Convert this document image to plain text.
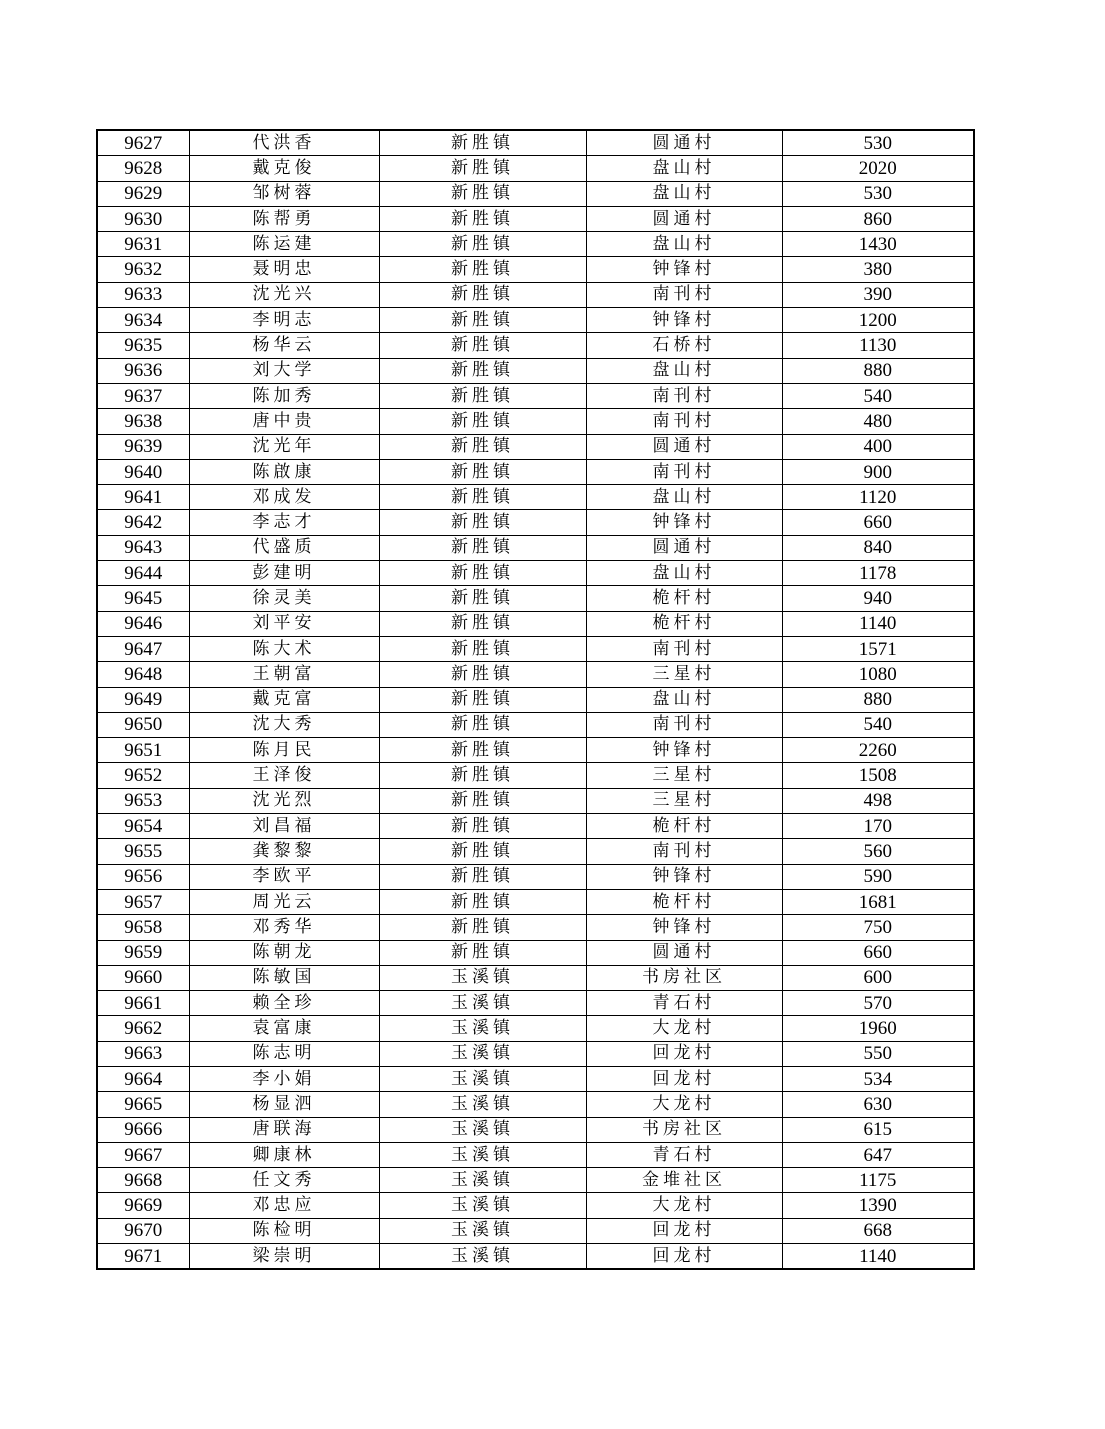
9627	代洪香	新胜镇	圆通村	530
9628	戴克俊	新胜镇	盘山村	2020
9629	邹树蓉	新胜镇	盘山村	530
9630	陈帮勇	新胜镇	圆通村	860
9631	陈运建	新胜镇	盘山村	1430
9632	聂明忠	新胜镇	钟锋村	380
9633	沈光兴	新胜镇	南刊村	390
9634	李明志	新胜镇	钟锋村	1200
9635	杨华云	新胜镇	石桥村	1130
9636	刘大学	新胜镇	盘山村	880
9637	陈加秀	新胜镇	南刊村	540
9638	唐中贵	新胜镇	南刊村	480
9639	沈光年	新胜镇	圆通村	400
9640	陈啟康	新胜镇	南刊村	900
9641	邓成发	新胜镇	盘山村	1120
9642	李志才	新胜镇	钟锋村	660
9643	代盛质	新胜镇	圆通村	840
9644	彭建明	新胜镇	盘山村	1178
9645	徐灵美	新胜镇	桅杆村	940
9646	刘平安	新胜镇	桅杆村	1140
9647	陈大术	新胜镇	南刊村	1571
9648	王朝富	新胜镇	三星村	1080
9649	戴克富	新胜镇	盘山村	880
9650	沈大秀	新胜镇	南刊村	540
9651	陈月民	新胜镇	钟锋村	2260
9652	王泽俊	新胜镇	三星村	1508
9653	沈光烈	新胜镇	三星村	498
9654	刘昌福	新胜镇	桅杆村	170
9655	龚黎黎	新胜镇	南刊村	560
9656	李欧平	新胜镇	钟锋村	590
9657	周光云	新胜镇	桅杆村	1681
9658	邓秀华	新胜镇	钟锋村	750
9659	陈朝龙	新胜镇	圆通村	660
9660	陈敏国	玉溪镇	书房社区	600
9661	赖全珍	玉溪镇	青石村	570
9662	袁富康	玉溪镇	大龙村	1960
9663	陈志明	玉溪镇	回龙村	550
9664	李小娟	玉溪镇	回龙村	534
9665	杨显泗	玉溪镇	大龙村	630
9666	唐联海	玉溪镇	书房社区	615
9667	卿康林	玉溪镇	青石村	647
9668	任文秀	玉溪镇	金堆社区	1175
9669	邓忠应	玉溪镇	大龙村	1390
9670	陈检明	玉溪镇	回龙村	668
9671	梁崇明	玉溪镇	回龙村	1140
